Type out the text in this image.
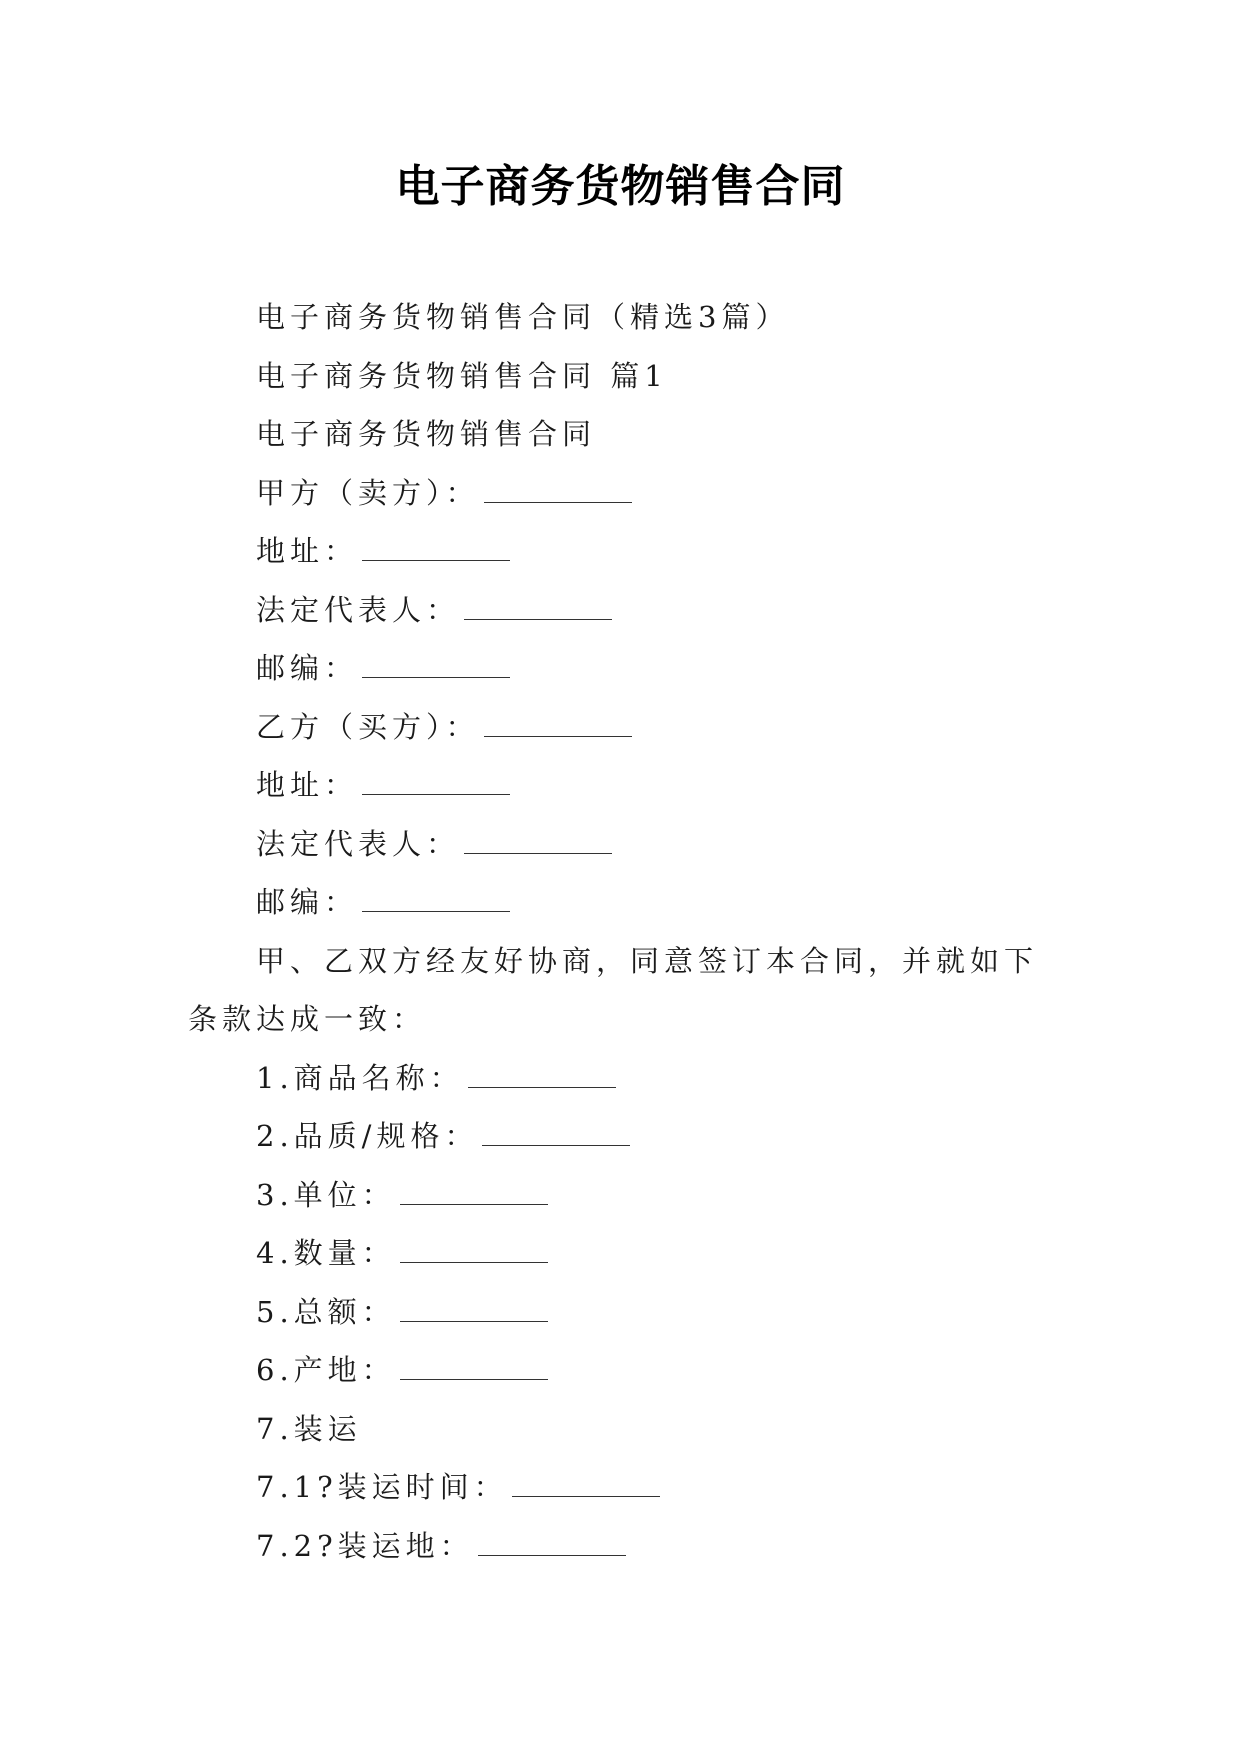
电子商务货物销售合同
电子商务货物销售合同（精选3篇）
电子商务货物销售合同 篇1
电子商务货物销售合同
甲方（卖方）：
地址：
法定代表人：
邮编：
乙方（买方）：
地址：
法定代表人：
邮编：
甲、乙双方经友好协商，同意签订本合同，并就如下条款达成一致：
1.商品名称：
2.品质/规格：
3.单位：
4.数量：
5.总额：
6.产地：
7.装运
7.1?装运时间：
7.2?装运地：
